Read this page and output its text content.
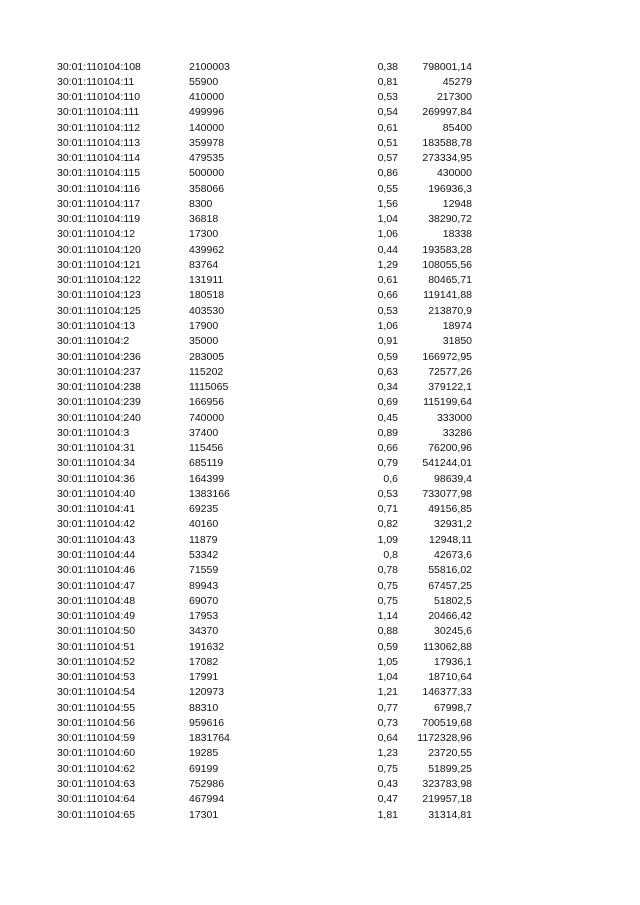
30:01:110104:108	2100003	0,38	798001,14
30:01:110104:11	55900	0,81	45279
30:01:110104:110	410000	0,53	217300
30:01:110104:111	499996	0,54	269997,84
30:01:110104:112	140000	0,61	85400
30:01:110104:113	359978	0,51	183588,78
30:01:110104:114	479535	0,57	273334,95
30:01:110104:115	500000	0,86	430000
30:01:110104:116	358066	0,55	196936,3
30:01:110104:117	8300	1,56	12948
30:01:110104:119	36818	1,04	38290,72
30:01:110104:12	17300	1,06	18338
30:01:110104:120	439962	0,44	193583,28
30:01:110104:121	83764	1,29	108055,56
30:01:110104:122	131911	0,61	80465,71
30:01:110104:123	180518	0,66	119141,88
30:01:110104:125	403530	0,53	213870,9
30:01:110104:13	17900	1,06	18974
30:01:110104:2	35000	0,91	31850
30:01:110104:236	283005	0,59	166972,95
30:01:110104:237	115202	0,63	72577,26
30:01:110104:238	1115065	0,34	379122,1
30:01:110104:239	166956	0,69	115199,64
30:01:110104:240	740000	0,45	333000
30:01:110104:3	37400	0,89	33286
30:01:110104:31	115456	0,66	76200,96
30:01:110104:34	685119	0,79	541244,01
30:01:110104:36	164399	0,6	98639,4
30:01:110104:40	1383166	0,53	733077,98
30:01:110104:41	69235	0,71	49156,85
30:01:110104:42	40160	0,82	32931,2
30:01:110104:43	11879	1,09	12948,11
30:01:110104:44	53342	0,8	42673,6
30:01:110104:46	71559	0,78	55816,02
30:01:110104:47	89943	0,75	67457,25
30:01:110104:48	69070	0,75	51802,5
30:01:110104:49	17953	1,14	20466,42
30:01:110104:50	34370	0,88	30245,6
30:01:110104:51	191632	0,59	113062,88
30:01:110104:52	17082	1,05	17936,1
30:01:110104:53	17991	1,04	18710,64
30:01:110104:54	120973	1,21	146377,33
30:01:110104:55	88310	0,77	67998,7
30:01:110104:56	959616	0,73	700519,68
30:01:110104:59	1831764	0,64	1172328,96
30:01:110104:60	19285	1,23	23720,55
30:01:110104:62	69199	0,75	51899,25
30:01:110104:63	752986	0,43	323783,98
30:01:110104:64	467994	0,47	219957,18
30:01:110104:65	17301	1,81	31314,81
